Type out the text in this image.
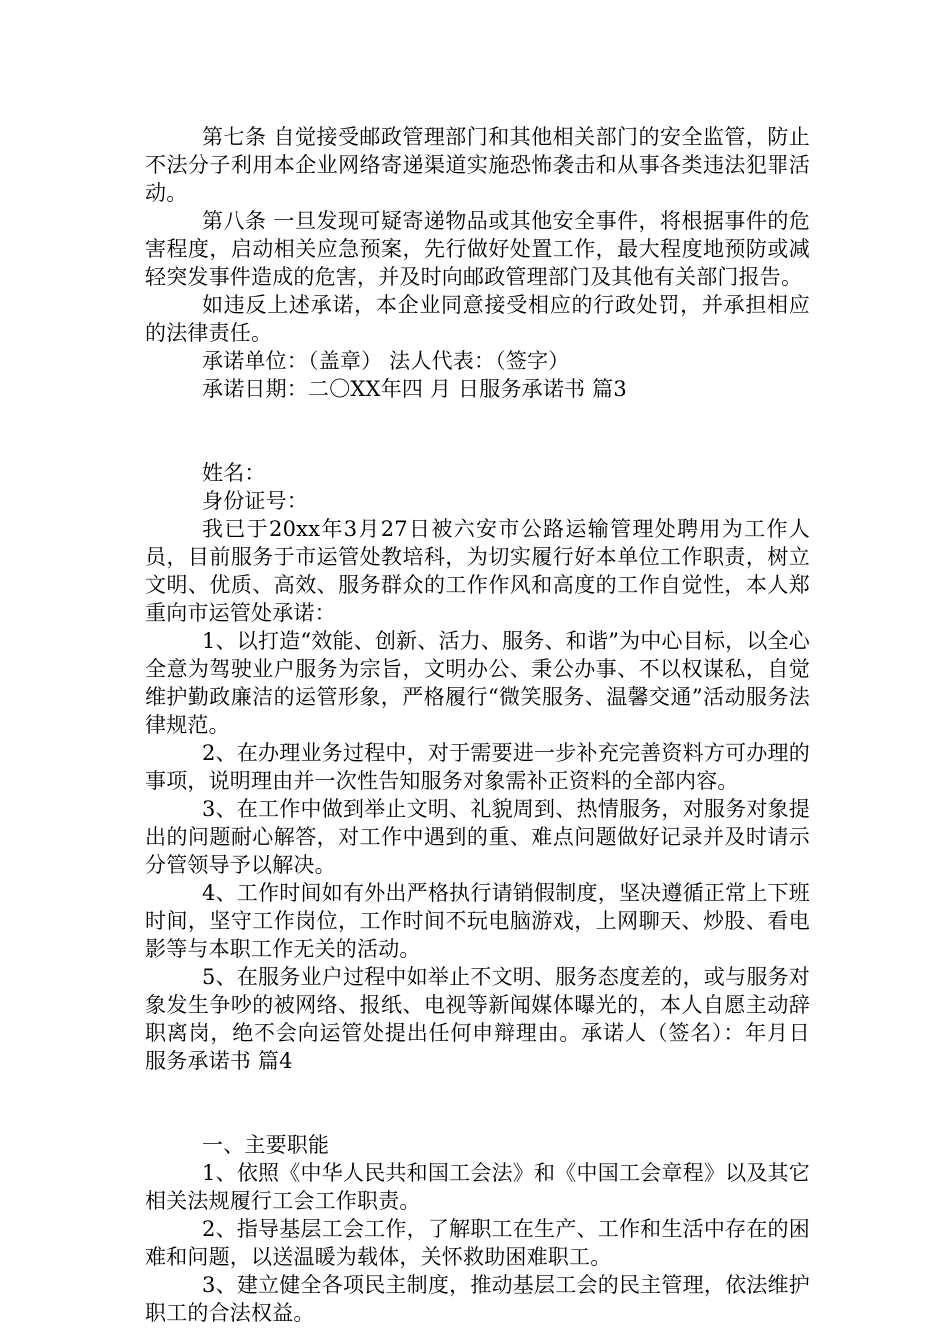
第七条 自觉接受邮政管理部门和其他相关部门的安全监管，防止不法分子利用本企业网络寄递渠道实施恐怖袭击和从事各类违法犯罪活动。

第八条 一旦发现可疑寄递物品或其他安全事件，将根据事件的危害程度，启动相关应急预案，先行做好处置工作，最大程度地预防或减轻突发事件造成的危害，并及时向邮政管理部门及其他有关部门报告。

如违反上述承诺，本企业同意接受相应的行政处罚，并承担相应的法律责任。

承诺单位：（盖章） 法人代表：（签字）

承诺日期：二〇XX年四 月 日服务承诺书 篇3

姓名：

身份证号：

我已于20xx年3月27日被六安市公路运输管理处聘用为工作人员，目前服务于市运管处教培科，为切实履行好本单位工作职责，树立文明、优质、高效、服务群众的工作作风和高度的工作自觉性，本人郑重向市运管处承诺：

1、以打造“效能、创新、活力、服务、和谐”为中心目标，以全心全意为驾驶业户服务为宗旨，文明办公、秉公办事、不以权谋私，自觉维护勤政廉洁的运管形象，严格履行“微笑服务、温馨交通”活动服务法律规范。

2、在办理业务过程中，对于需要进一步补充完善资料方可办理的事项，说明理由并一次性告知服务对象需补正资料的全部内容。

3、在工作中做到举止文明、礼貌周到、热情服务，对服务对象提出的问题耐心解答，对工作中遇到的重、难点问题做好记录并及时请示分管领导予以解决。

4、工作时间如有外出严格执行请销假制度，坚决遵循正常上下班时间，坚守工作岗位，工作时间不玩电脑游戏，上网聊天、炒股、看电影等与本职工作无关的活动。

5、在服务业户过程中如举止不文明、服务态度差的，或与服务对象发生争吵的被网络、报纸、电视等新闻媒体曝光的，本人自愿主动辞职离岗，绝不会向运管处提出任何申辩理由。承诺人（签名）：年月日服务承诺书 篇4

一、主要职能

1、依照《中华人民共和国工会法》和《中国工会章程》以及其它相关法规履行工会工作职责。

2、指导基层工会工作，了解职工在生产、工作和生活中存在的困难和问题，以送温暖为载体，关怀救助困难职工。

3、建立健全各项民主制度，推动基层工会的民主管理，依法维护职工的合法权益。
